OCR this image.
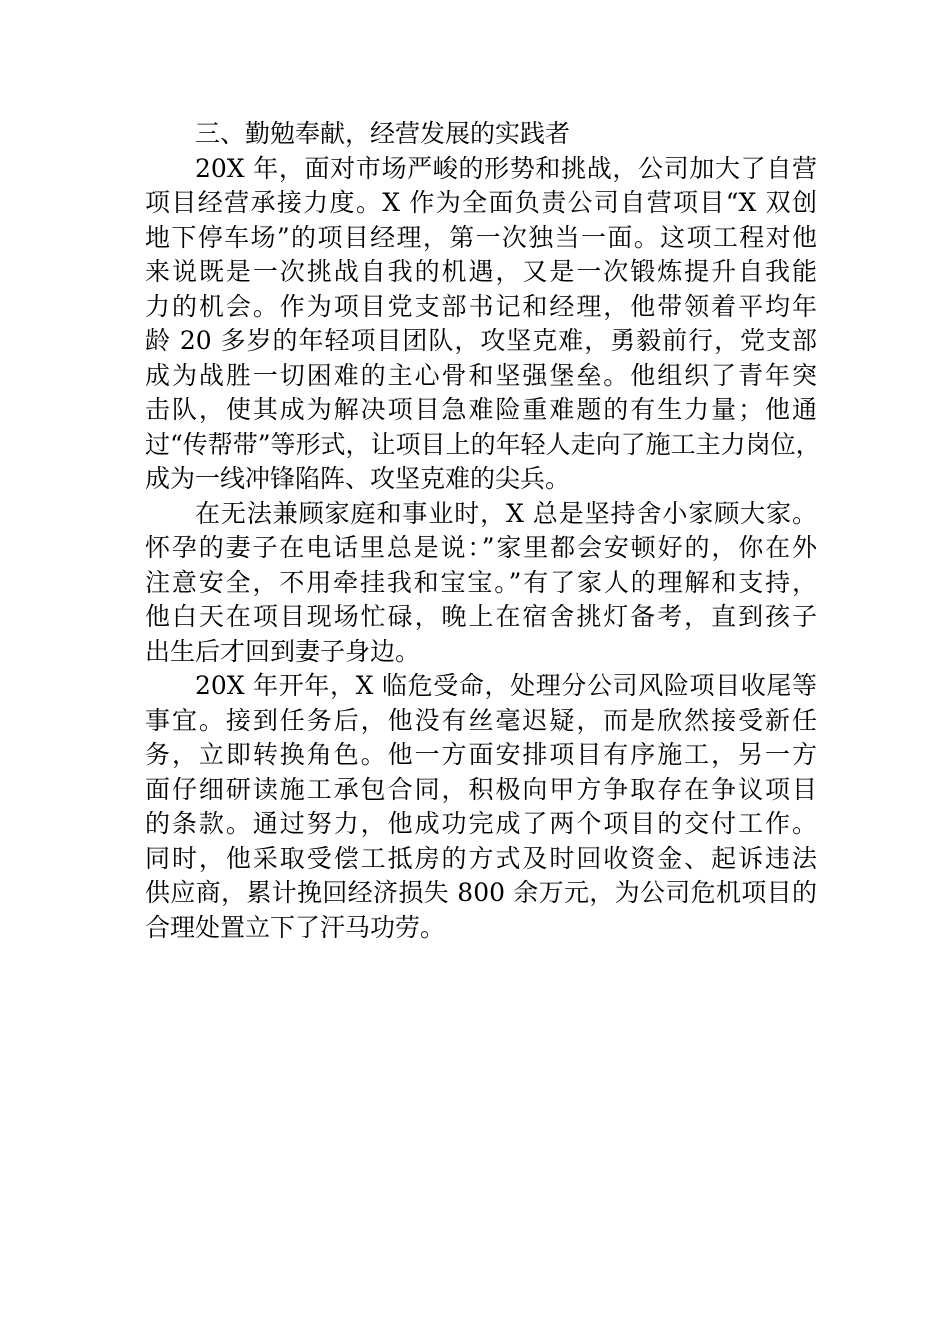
三、勤勉奉献，经营发展的实践者
20X 年，面对市场严峻的形势和挑战，公司加大了自营
项目经营承接力度。X 作为全面负责公司自营项目“X 双创
地下停车场”的项目经理，第一次独当一面。这项工程对他
来说既是一次挑战自我的机遇，又是一次锻炼提升自我能
力的机会。作为项目党支部书记和经理，他带领着平均年
龄 20 多岁的年轻项目团队，攻坚克难，勇毅前行，党支部
成为战胜一切困难的主心骨和坚强堡垒。他组织了青年突
击队，使其成为解决项目急难险重难题的有生力量；他通
过“传帮带”等形式，让项目上的年轻人走向了施工主力岗位，
成为一线冲锋陷阵、攻坚克难的尖兵。
在无法兼顾家庭和事业时，X 总是坚持舍小家顾大家。
怀孕的妻子在电话里总是说：”家里都会安顿好的，你在外
注意安全，不用牵挂我和宝宝。”有了家人的理解和支持，
他白天在项目现场忙碌，晚上在宿舍挑灯备考，直到孩子
出生后才回到妻子身边。
20X 年开年，X 临危受命，处理分公司风险项目收尾等
事宜。接到任务后，他没有丝毫迟疑，而是欣然接受新任
务，立即转换角色。他一方面安排项目有序施工，另一方
面仔细研读施工承包合同，积极向甲方争取存在争议项目
的条款。通过努力，他成功完成了两个项目的交付工作。
同时，他采取受偿工抵房的方式及时回收资金、起诉违法
供应商，累计挽回经济损失 800 余万元，为公司危机项目的
合理处置立下了汗马功劳。
